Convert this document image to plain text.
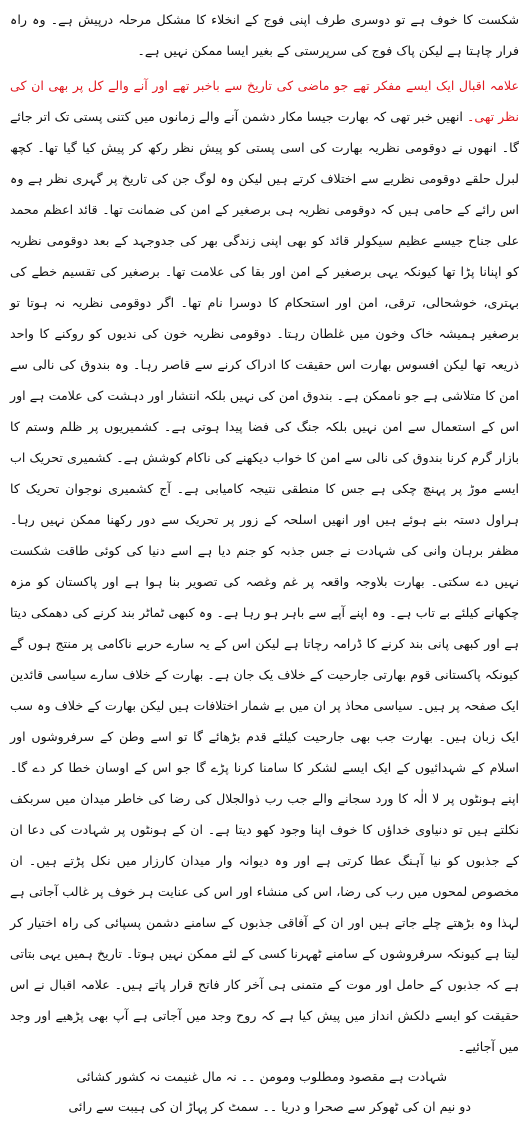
شکست کا خوف ہے تو دوسری طرف اپنی فوج کے انخلاء کا مشکل مرحلہ درپیش ہے۔ وہ راہ فرار چاہتا ہے لیکن پاک فوج کی سرپرستی کے بغیر ایسا ممکن نہیں ہے۔

علامہ اقبال ایک ایسے مفکر تھے جو ماضی کی تاریخ سے باخبر تھے اور آنے والے کل پر بھی ان کی نظر تھی۔ انھیں خبر تھی کہ بھارت جیسا مکار دشمن آنے والے زمانوں میں کتنی پستی تک اتر جائے گا۔ انھوں نے دوقومی نظریہ بھارت کی اسی پستی کو پیش نظر رکھ کر پیش کیا گیا تھا۔ کچھ لبرل حلقے دوقومی نظریے سے اختلاف کرتے ہیں لیکن وہ لوگ جن کی تاریخ پر گہری نظر ہے وہ اس رائے کے حامی ہیں کہ دوقومی نظریہ ہی برصغیر کے امن کی ضمانت تھا۔ قائد اعظم محمد علی جناح جیسے عظیم سیکولر قائد کو بھی اپنی زندگی بھر کی جدوجہد کے بعد دوقومی نظریہ کو اپنانا پڑا تھا کیونکہ یہی برصغیر کے امن اور بقا کی علامت تھا۔ برصغیر کی تقسیم خطے کی بہتری، خوشحالی، ترقی، امن اور استحکام کا دوسرا نام تھا۔ اگر دوقومی نظریہ نہ ہوتا تو برصغیر ہمیشہ خاک وخون میں غلطان رہتا۔ دوقومی نظریہ خون کی ندیوں کو روکنے کا واحد ذریعہ تھا لیکن افسوس بھارت اس حقیقت کا ادراک کرنے سے قاصر رہا۔ وہ بندوق کی نالی سے امن کا متلاشی ہے جو ناممکن ہے۔ بندوق امن کی نہیں بلکہ انتشار اور دہشت کی علامت ہے اور اس کے استعمال سے امن نہیں بلکہ جنگ کی فضا پیدا ہوتی ہے۔ کشمیریوں پر ظلم وستم کا بازار گرم کرنا بندوق کی نالی سے امن کا خواب دیکھنے کی ناکام کوشش ہے۔ کشمیری تحریک اب ایسے موڑ پر پہنچ چکی ہے جس کا منطقی نتیجہ کامیابی ہے۔ آج کشمیری نوجوان تحریک کا ہراول دستہ بنے ہوئے ہیں اور انھیں اسلحہ کے زور پر تحریک سے دور رکھنا ممکن نہیں رہا۔ مظفر برہان وانی کی شہادت نے جس جذبہ کو جنم دیا ہے اسے دنیا کی کوئی طاقت شکست نہیں دے سکتی۔ بھارت بلاوجہ واقعہ پر غم وغصہ کی تصویر بنا ہوا ہے اور پاکستان کو مزہ چکھانے کیلئے بے تاب ہے۔ وہ اپنے آپے سے باہر ہو رہا ہے۔ وہ کبھی ٹماٹر بند کرنے کی دھمکی دیتا ہے اور کبھی پانی بند کرنے کا ڈرامہ رچاتا ہے لیکن اس کے یہ سارے حربے ناکامی پر منتج ہوں گے کیونکہ پاکستانی قوم بھارتی جارحیت کے خلاف یک جان ہے۔ بھارت کے خلاف سارے سیاسی قائدین ایک صفحہ پر ہیں۔ سیاسی محاذ پر ان میں بے شمار اختلافات ہیں لیکن بھارت کے خلاف وہ سب ایک زبان ہیں۔ بھارت جب بھی جارحیت کیلئے قدم بڑھائے گا تو اسے وطن کے سرفروشوں اور اسلام کے شہدائیوں کے ایک ایسے لشکر کا سامنا کرنا پڑے گا جو اس کے اوسان خطا کر دے گا۔ اپنے ہونٹوں پر لا الٰہ کا ورد سجانے والے جب رب ذوالجلال کی رضا کی خاطر میدان میں سربکف نکلتے ہیں تو دنیاوی خداؤں کا خوف اپنا وجود کھو دیتا ہے۔ ان کے ہونٹوں پر شہادت کی دعا ان کے جذبوں کو نیا آہنگ عطا کرتی ہے اور وہ دیوانہ وار میدان کارزار میں نکل پڑتے ہیں۔ ان مخصوص لمحوں میں رب کی رضا، اس کی منشاء اور اس کی عنایت ہر خوف پر غالب آجاتی ہے لہذا وہ بڑھتے چلے جاتے ہیں اور ان کے آفاقی جذبوں کے سامنے دشمن پسپائی کی راہ اختیار کر لیتا ہے کیونکہ سرفروشوں کے سامنے ٹھہرنا کسی کے لئے ممکن نہیں ہوتا۔ تاریخ ہمیں یہی بتاتی ہے کہ جذبوں کے حامل اور موت کے متمنی ہی آخر کار فاتح قرار پاتے ہیں۔ علامہ اقبال نے اس حقیقت کو ایسے دلکش انداز میں پیش کیا ہے کہ روح وجد میں آجاتی ہے آپ بھی پڑھیے اور وجد میں آجائیے۔

شہادت ہے مقصود ومطلوب ومومن ۔۔ نہ مال غنیمت نہ کشور کشائی

دو نیم ان کی ٹھوکر سے صحرا و دریا ۔۔ سمٹ کر پہاڑ ان کی ہیبت سے رائی
